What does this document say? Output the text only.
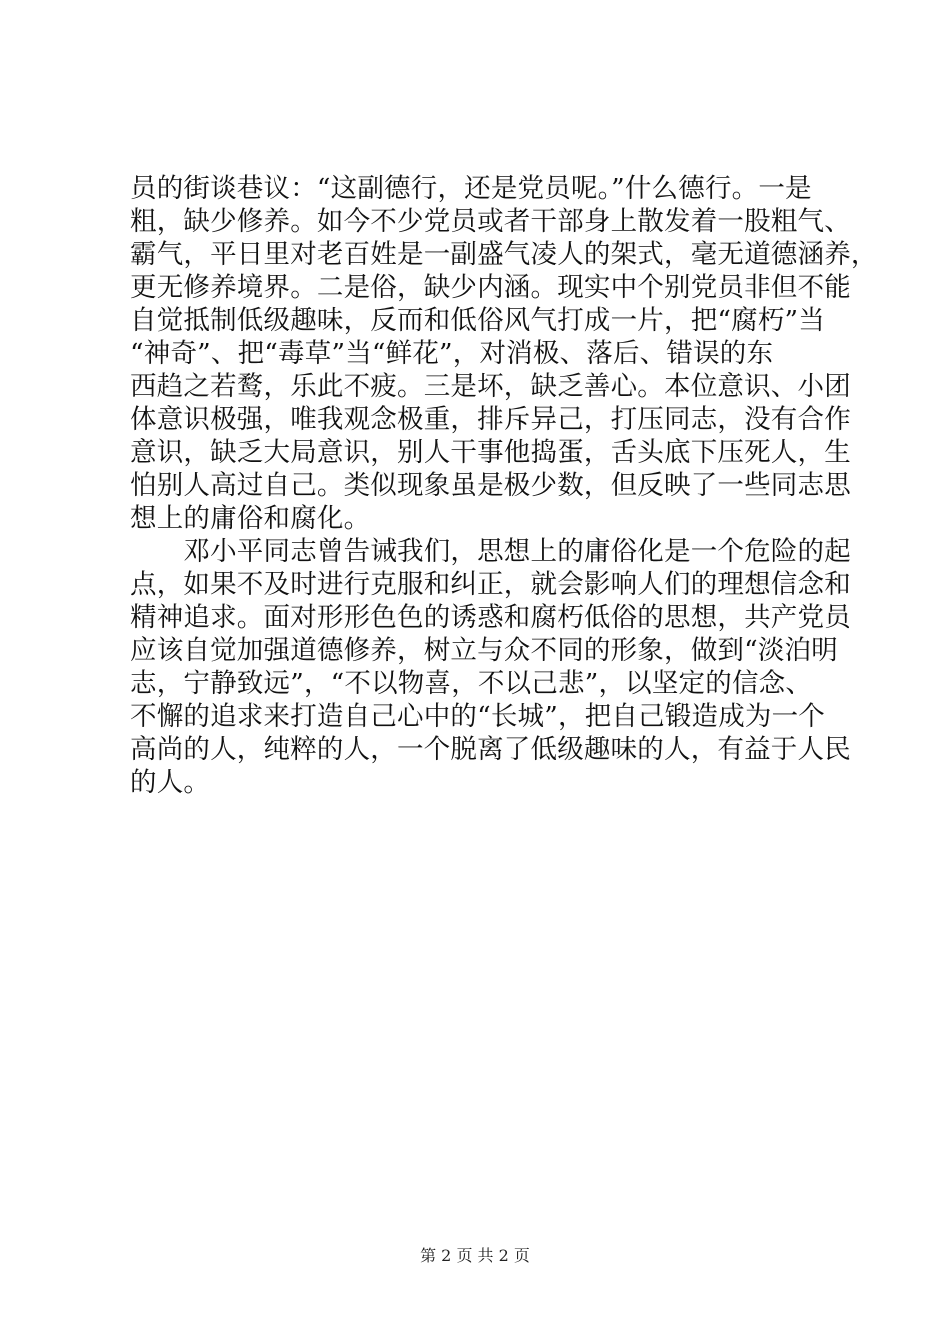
员的街谈巷议：“这副德行，还是党员呢。”什么德行。一是
粗，缺少修养。如今不少党员或者干部身上散发着一股粗气、
霸气，平日里对老百姓是一副盛气凌人的架式，毫无道德涵养，
更无修养境界。二是俗，缺少内涵。现实中个别党员非但不能
自觉抵制低级趣味，反而和低俗风气打成一片，把“腐朽”当
“神奇”、把“毒草”当“鲜花”，对消极、落后、错误的东
西趋之若鹜，乐此不疲。三是坏，缺乏善心。本位意识、小团
体意识极强，唯我观念极重，排斥异己，打压同志，没有合作
意识，缺乏大局意识，别人干事他捣蛋，舌头底下压死人，生
怕别人高过自己。类似现象虽是极少数，但反映了一些同志思
想上的庸俗和腐化。
　　邓小平同志曾告诫我们，思想上的庸俗化是一个危险的起
点，如果不及时进行克服和纠正，就会影响人们的理想信念和
精神追求。面对形形色色的诱惑和腐朽低俗的思想，共产党员
应该自觉加强道德修养，树立与众不同的形象，做到“淡泊明
志，宁静致远”，“不以物喜，不以己悲”，以坚定的信念、
不懈的追求来打造自己心中的“长城”，把自己锻造成为一个
高尚的人，纯粹的人，一个脱离了低级趣味的人，有益于人民
的人。
第 2 页 共 2 页
